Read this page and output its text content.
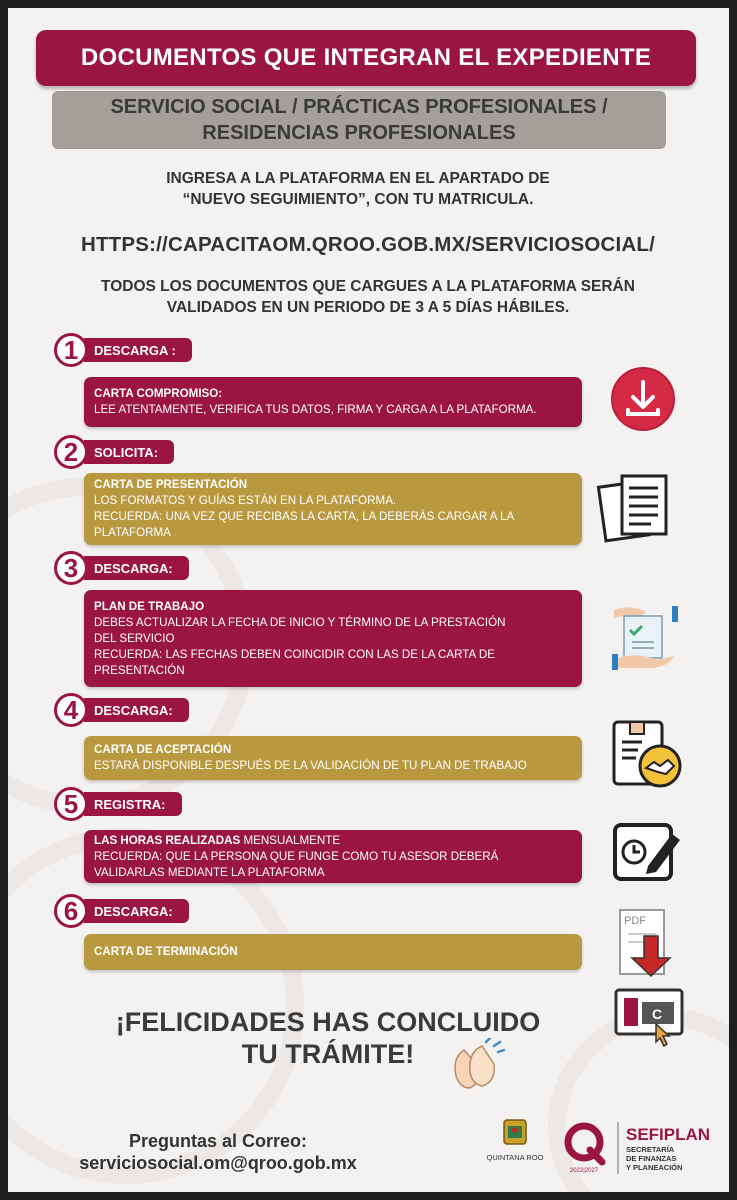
DOCUMENTOS QUE INTEGRAN EL EXPEDIENTE
SERVICIO SOCIAL / PRÁCTICAS PROFESIONALES /
RESIDENCIAS PROFESIONALES
INGRESA A LA PLATAFORMA EN EL APARTADO DE
“NUEVO SEGUIMIENTO”, CON TU MATRICULA.
HTTPS://CAPACITAOM.QROO.GOB.MX/SERVICIOSOCIAL/
TODOS LOS DOCUMENTOS QUE CARGUES A LA PLATAFORMA SERÁN
VALIDADOS EN UN PERIODO DE 3 A 5 DÍAS HÁBILES.
1	DESCARGA :
CARTA COMPROMISO:
LEE ATENTAMENTE, VERIFICA TUS DATOS, FIRMA Y CARGA A LA PLATAFORMA.
2	SOLICITA:
CARTA DE PRESENTACIÓN
LOS FORMATOS Y GUÍAS ESTÁN EN LA PLATAFORMA.
RECUERDA: UNA VEZ QUE RECIBAS LA CARTA, LA DEBERÁS CARGAR A LA
PLATAFORMA
3	DESCARGA:
PLAN DE TRABAJO
DEBES ACTUALIZAR LA FECHA DE INICIO Y TÉRMINO DE LA PRESTACIÓN
DEL SERVICIO
RECUERDA: LAS FECHAS DEBEN COINCIDIR CON LAS DE LA CARTA DE
PRESENTACIÓN
4	DESCARGA:
CARTA DE ACEPTACIÓN
ESTARÁ DISPONIBLE DESPUÉS DE LA VALIDACIÓN DE TU PLAN DE TRABAJO
5	REGISTRA:
LAS HORAS REALIZADAS MENSUALMENTE
RECUERDA: QUE LA PERSONA QUE FUNGE COMO TU ASESOR DEBERÁ
VALIDARLAS MEDIANTE LA PLATAFORMA
6	DESCARGA:
CARTA DE TERMINACIÓN
PDF
C
¡FELICIDADES HAS CONCLUIDO
TU TRÁMITE!
Preguntas al Correo:
serviciosocial.om@qroo.gob.mx	QUINTANA ROO
2022|2027
SEFIPLAN
SECRETARÍA
DE FINANZAS
Y PLANEACIÓN
